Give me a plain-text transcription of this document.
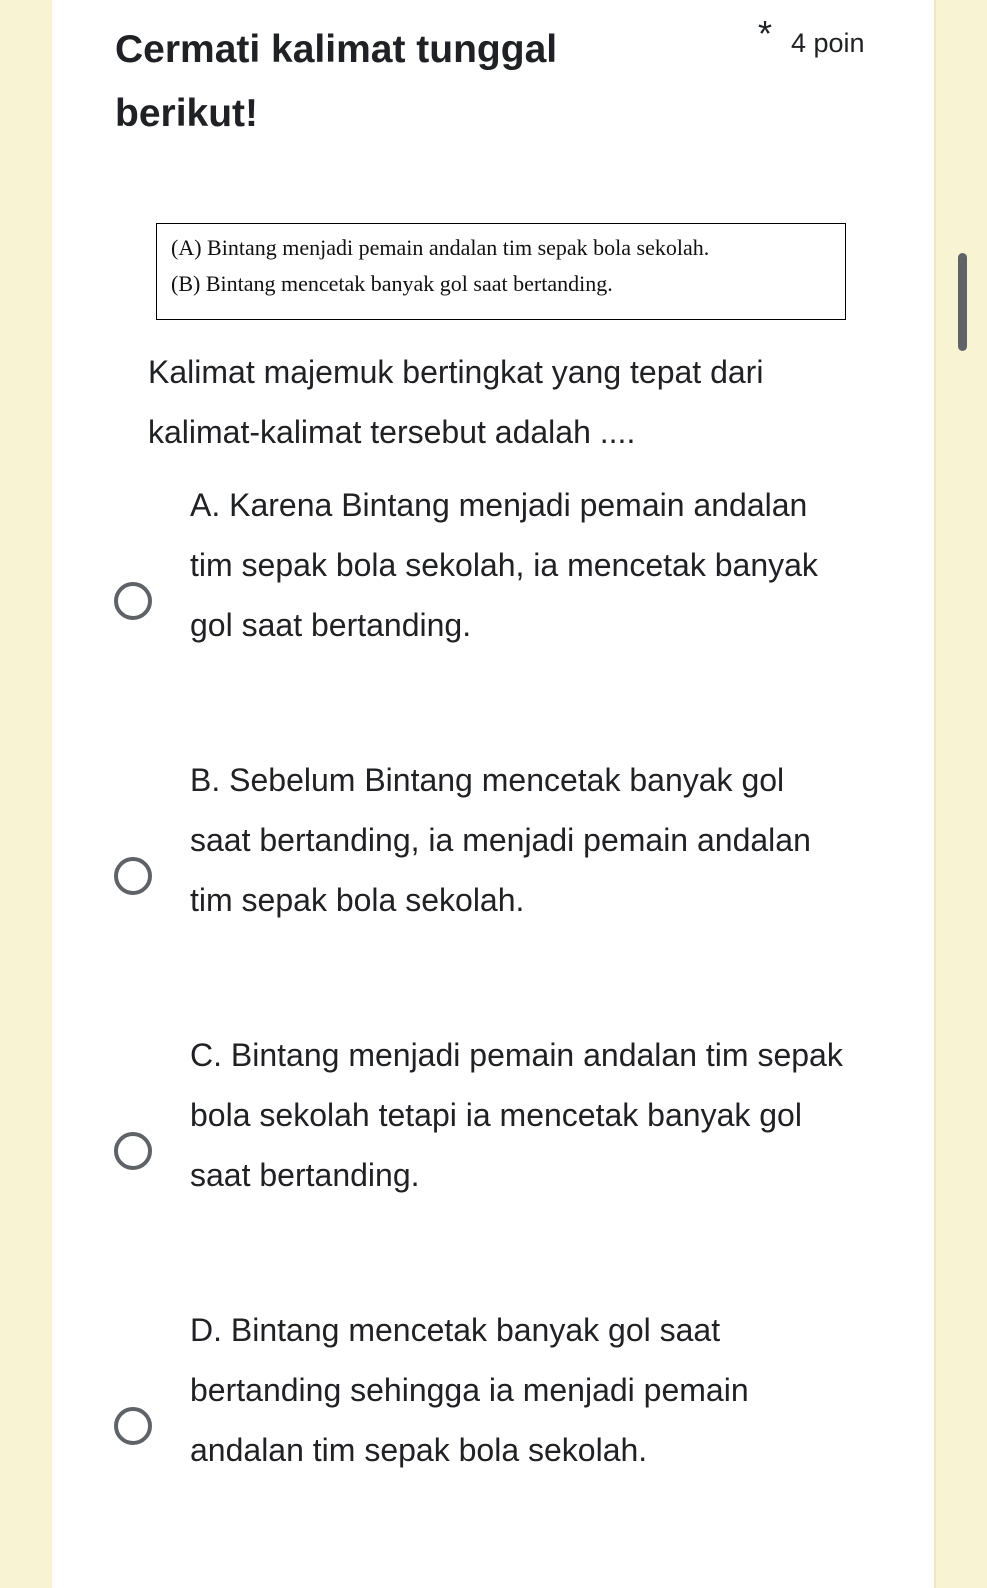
Cermati kalimat tunggal berikut!
* 4 poin
(A) Bintang menjadi pemain andalan tim sepak bola sekolah.
(B) Bintang mencetak banyak gol saat bertanding.
Kalimat majemuk bertingkat yang tepat dari kalimat-kalimat tersebut adalah ....
A. Karena Bintang menjadi pemain andalan tim sepak bola sekolah, ia mencetak banyak gol saat bertanding.
B. Sebelum Bintang mencetak banyak gol saat bertanding, ia menjadi pemain andalan tim sepak bola sekolah.
C. Bintang menjadi pemain andalan tim sepak bola sekolah tetapi ia mencetak banyak gol saat bertanding.
D. Bintang mencetak banyak gol saat bertanding sehingga ia menjadi pemain andalan tim sepak bola sekolah.
